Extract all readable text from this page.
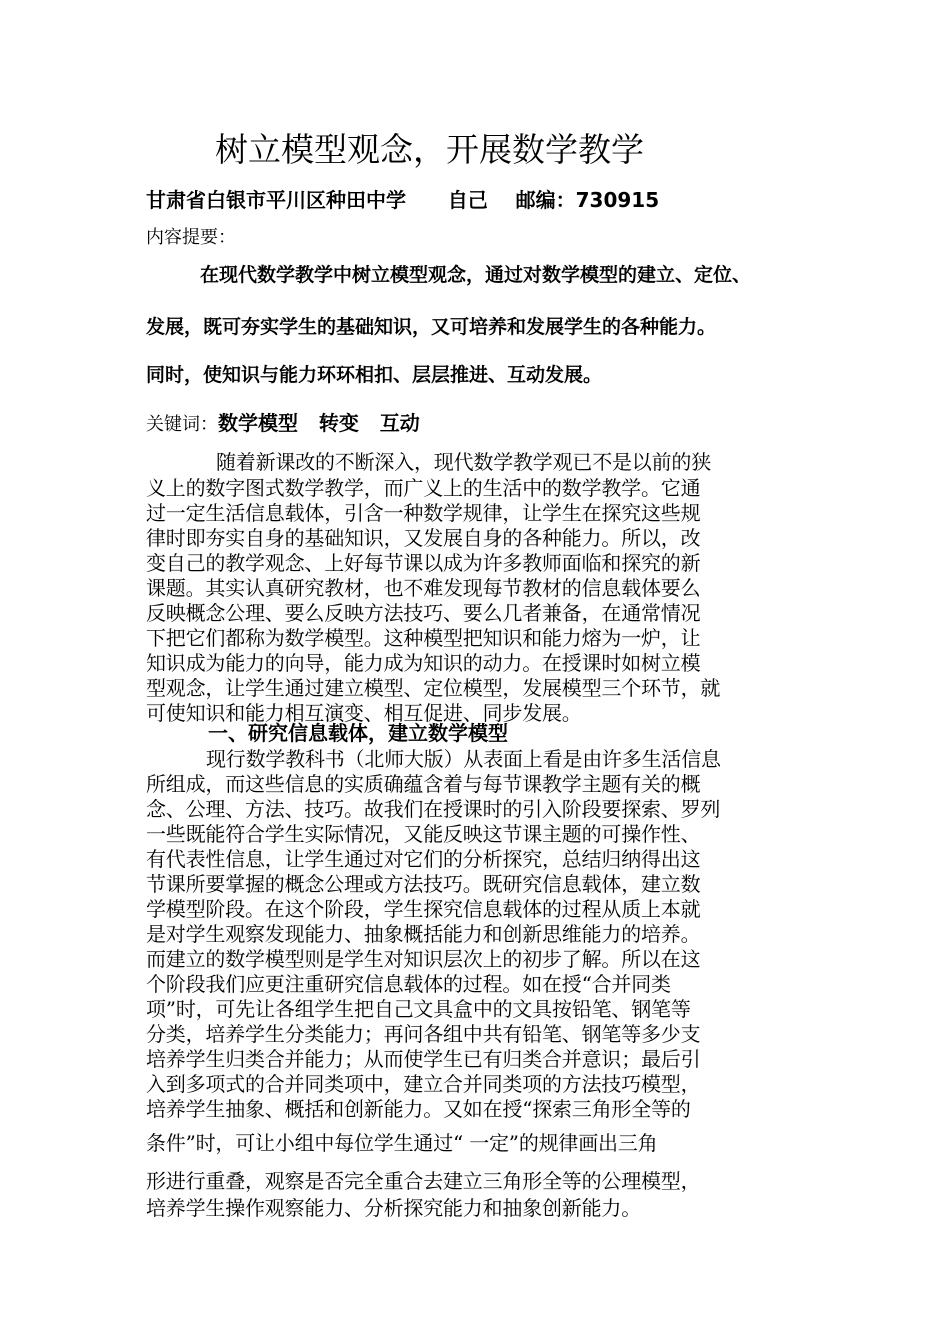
树立模型观念，开展数学教学
甘肃省白银市平川区种田中学      自己    邮编：730915
内容提要：
在现代数学教学中树立模型观念，通过对数学模型的建立、定位、
发展，既可夯实学生的基础知识，又可培养和发展学生的各种能力。
同时，使知识与能力环环相扣、层层推进、互动发展。
关键词：数学模型   转变   互动
随着新课改的不断深入，现代数学教学观已不是以前的狭
义上的数字图式数学教学，而广义上的生活中的数学教学。它通
过一定生活信息载体，引含一种数学规律，让学生在探究这些规
律时即夯实自身的基础知识，又发展自身的各种能力。所以，改
变自己的教学观念、上好每节课以成为许多教师面临和探究的新
课题。其实认真研究教材，也不难发现每节教材的信息载体要么
反映概念公理、要么反映方法技巧、要么几者兼备，在通常情况
下把它们都称为数学模型。这种模型把知识和能力熔为一炉，让
知识成为能力的向导，能力成为知识的动力。在授课时如树立模
型观念，让学生通过建立模型、定位模型，发展模型三个环节，就
可使知识和能力相互演变、相互促进、同步发展。
一、研究信息载体，建立数学模型
现行数学教科书（北师大版）从表面上看是由许多生活信息
所组成，而这些信息的实质确蕴含着与每节课教学主题有关的概
念、公理、方法、技巧。故我们在授课时的引入阶段要探索、罗列
一些既能符合学生实际情况，又能反映这节课主题的可操作性、
有代表性信息，让学生通过对它们的分析探究，总结归纳得出这
节课所要掌握的概念公理或方法技巧。既研究信息载体，建立数
学模型阶段。在这个阶段，学生探究信息载体的过程从质上本就
是对学生观察发现能力、抽象概括能力和创新思维能力的培养。
而建立的数学模型则是学生对知识层次上的初步了解。所以在这
个阶段我们应更注重研究信息载体的过程。如在授“合并同类
项”时，可先让各组学生把自己文具盒中的文具按铅笔、钢笔等
分类，培养学生分类能力；再问各组中共有铅笔、钢笔等多少支
培养学生归类合并能力；从而使学生已有归类合并意识；最后引
入到多项式的合并同类项中，建立合并同类项的方法技巧模型，
培养学生抽象、概括和创新能力。又如在授“探索三角形全等的
条件”时，可让小组中每位学生通过“ 一定”的规律画出三角
形进行重叠，观察是否完全重合去建立三角形全等的公理模型，
培养学生操作观察能力、分析探究能力和抽象创新能力。
